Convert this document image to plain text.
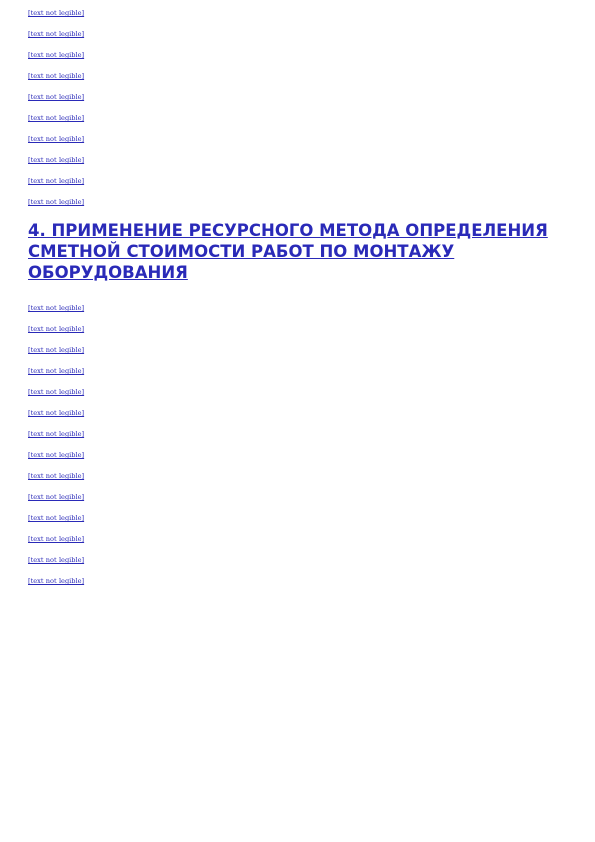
[text not legible]

[text not legible]

[text not legible]

[text not legible]

[text not legible]

[text not legible]

[text not legible]

[text not legible]

[text not legible]

[text not legible]

4. ПРИМЕНЕНИЕ РЕСУРСНОГО МЕТОДА ОПРЕДЕЛЕНИЯ СМЕТНОЙ СТОИМОСТИ РАБОТ ПО МОНТАЖУ ОБОРУДОВАНИЯ

[text not legible]

[text not legible]

[text not legible]

[text not legible]

[text not legible]

[text not legible]

[text not legible]

[text not legible]

[text not legible]

[text not legible]

[text not legible]

[text not legible]

[text not legible]

[text not legible]
